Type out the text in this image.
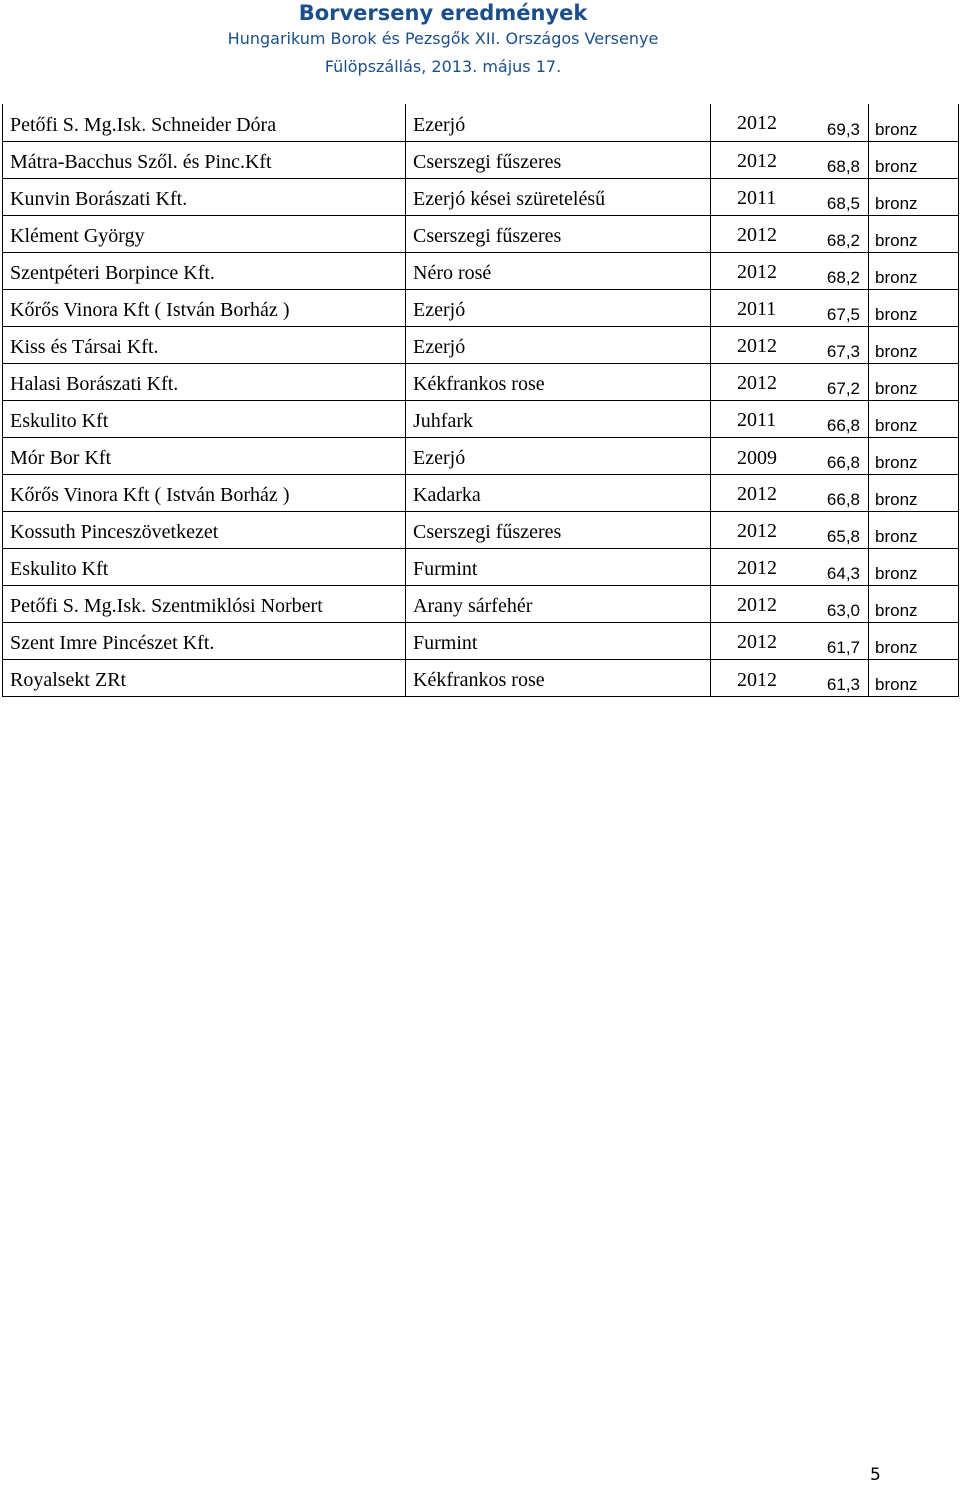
Borverseny eredmények
Hungarikum Borok és Pezsgők XII. Országos Versenye
Fülöpszállás, 2013. május 17.
Petőfi S. Mg.Isk. Schneider Dóra	Ezerjó	2012	69,3 bronz
Mátra-Bacchus Szől. és Pinc.Kft	Cserszegi fűszeres	2012	68,8 bronz
Kunvin Borászati Kft.	Ezerjó kései szüretelésű	2011	68,5 bronz
Klément György	Cserszegi fűszeres	2012	68,2 bronz
Szentpéteri Borpince Kft.	Néro rosé	2012	68,2 bronz
Kőrős Vinora Kft ( István Borház )	Ezerjó	2011	67,5 bronz
Kiss és Társai Kft.	Ezerjó	2012	67,3 bronz
Halasi Borászati Kft.	Kékfrankos rose	2012	67,2 bronz
Eskulito Kft	Juhfark	2011	66,8 bronz
Mór Bor Kft	Ezerjó	2009	66,8 bronz
Kőrős Vinora Kft ( István Borház )	Kadarka	2012	66,8 bronz
Kossuth Pinceszövetkezet	Cserszegi fűszeres	2012	65,8 bronz
Eskulito Kft	Furmint	2012	64,3 bronz
Petőfi S. Mg.Isk. Szentmiklósi Norbert	Arany sárfehér	2012	63,0 bronz
Szent Imre Pincészet Kft.	Furmint	2012	61,7 bronz
Royalsekt ZRt	Kékfrankos rose	2012	61,3 bronz
5
